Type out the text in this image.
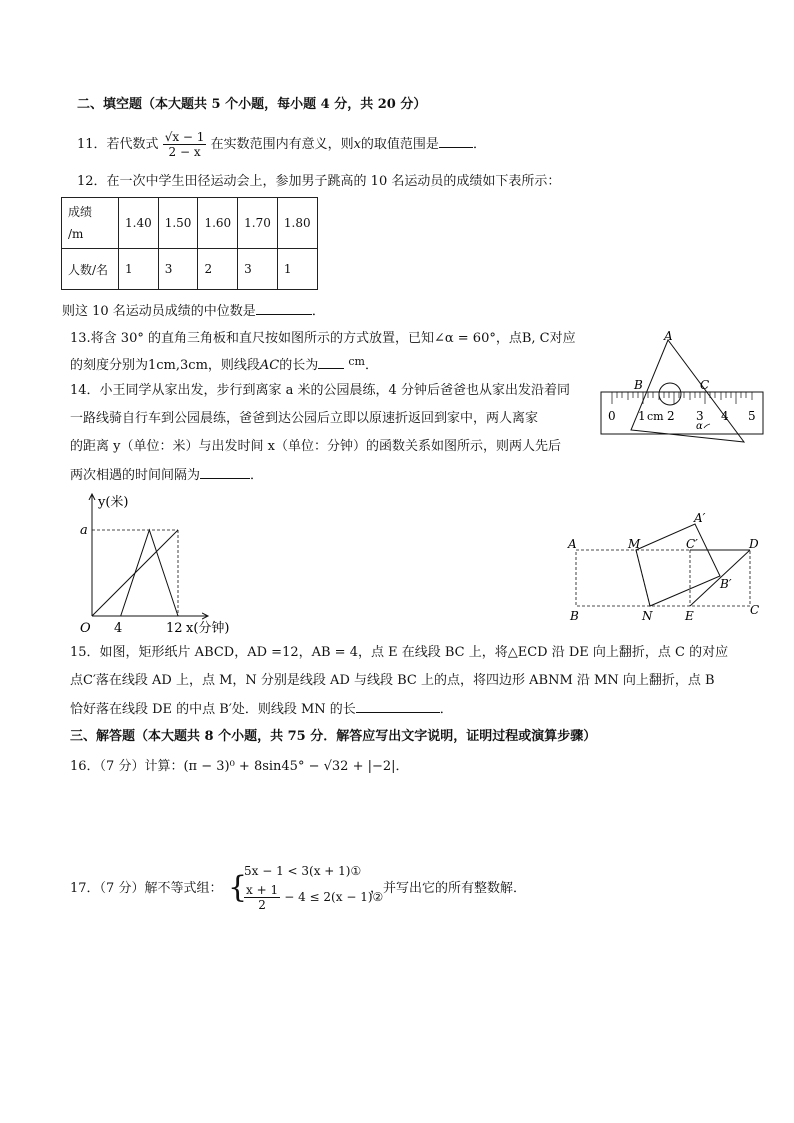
二、填空题（本大题共 5 个小题，每小题 4 分，共 20 分）
11．若代数式 $\frac{√x - 1}{2 - x}$ 在实数范围内有意义，则x的取值范围是	．
12．在一次中学生田径运动会上，参加男子跳高的 10 名运动员的成绩如下表所示：
成绩
/m	1.40	1.50	1.60	1.70	1.80
人数/名	1	3	2	3	1
则这 10 名运动员成绩的中位数是	．
13.将含 30° 的直角三角板和直尺按如图所示的方式放置，已知∠α = 60°，点B, C对应
的刻度分别为1cm,3cm，则线段AC的长为	$^{cm}$．
14．小王同学从家出发，步行到离家 a 米的公园晨练，4 分钟后爸爸也从家出发沿着同
一路线骑自行车到公园晨练，爸爸到达公园后立即以原速折返回到家中，两人离家
的距离 y（单位：米）与出发时间 x（单位：分钟）的函数关系如图所示，则两人先后
两次相遇的时间间隔为	．
A
B	C
α
0 1 cm 2 3 4 5
y(米)
a
O 4	12 x(分钟)
A	M	C′	D
A′
B′
B	N	E	C
15．如图，矩形纸片 ABCD，AD =12，AB = 4，点 E 在线段 BC 上，将△ECD 沿 DE 向上翻折，点 C 的对应
点C′落在线段 AD 上，点 M，N 分别是线段 AD 与线段 BC 上的点，将四边形 ABNM 沿 MN 向上翻折，点 B
恰好落在线段 DE 的中点 B′处．则线段 MN 的长	．
三、解答题（本大题共 8 个小题，共 75 分．解答应写出文字说明，证明过程或演算步骤）
16．（7 分）计算：(π − 3)⁰ + 8sin45° − √32 + |−2|．
17．（7 分）解不等式组： {
5x − 1 < 3(x + 1)①
$\frac{x + 1}{2} - 4 \le 2(x$ − 1)②
，并写出它的所有整数解．
